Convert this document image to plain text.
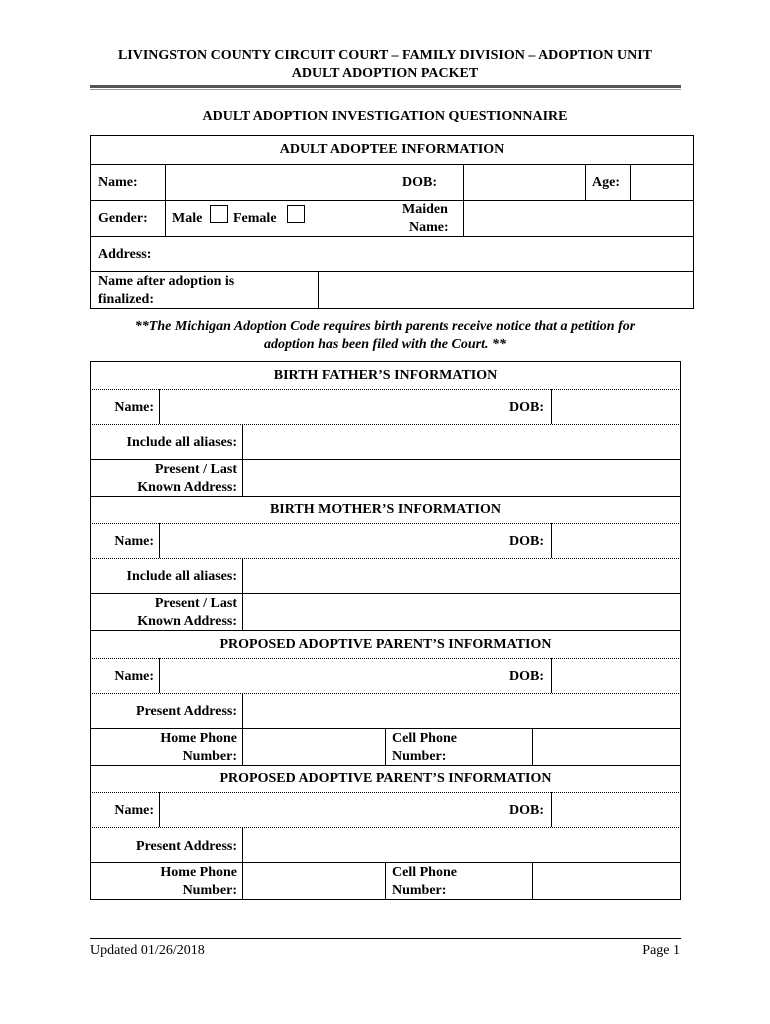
LIVINGSTON COUNTY CIRCUIT COURT – FAMILY DIVISION – ADOPTION UNIT
ADULT ADOPTION PACKET
ADULT ADOPTION INVESTIGATION QUESTIONNAIRE
ADULT ADOPTEE INFORMATION
Name:	DOB:	Age:
Gender: Male Female
Maiden
Name:
Address:
Name after adoption is
finalized:
**The Michigan Adoption Code requires birth parents receive notice that a petition for
adoption has been filed with the Court. **
BIRTH FATHER’S INFORMATION
Name:	DOB:
Include all aliases:
Present / Last
Known Address:
BIRTH MOTHER’S INFORMATION
Name:	DOB:
Include all aliases:
Present / Last
Known Address:
PROPOSED ADOPTIVE PARENT’S INFORMATION
Name:	DOB:
Present Address:
Home Phone
Number:
Cell Phone
Number:
PROPOSED ADOPTIVE PARENT’S INFORMATION
Name:	DOB:
Present Address:
Home Phone
Number:
Cell Phone
Number:
Updated 01/26/2018	Page 1
